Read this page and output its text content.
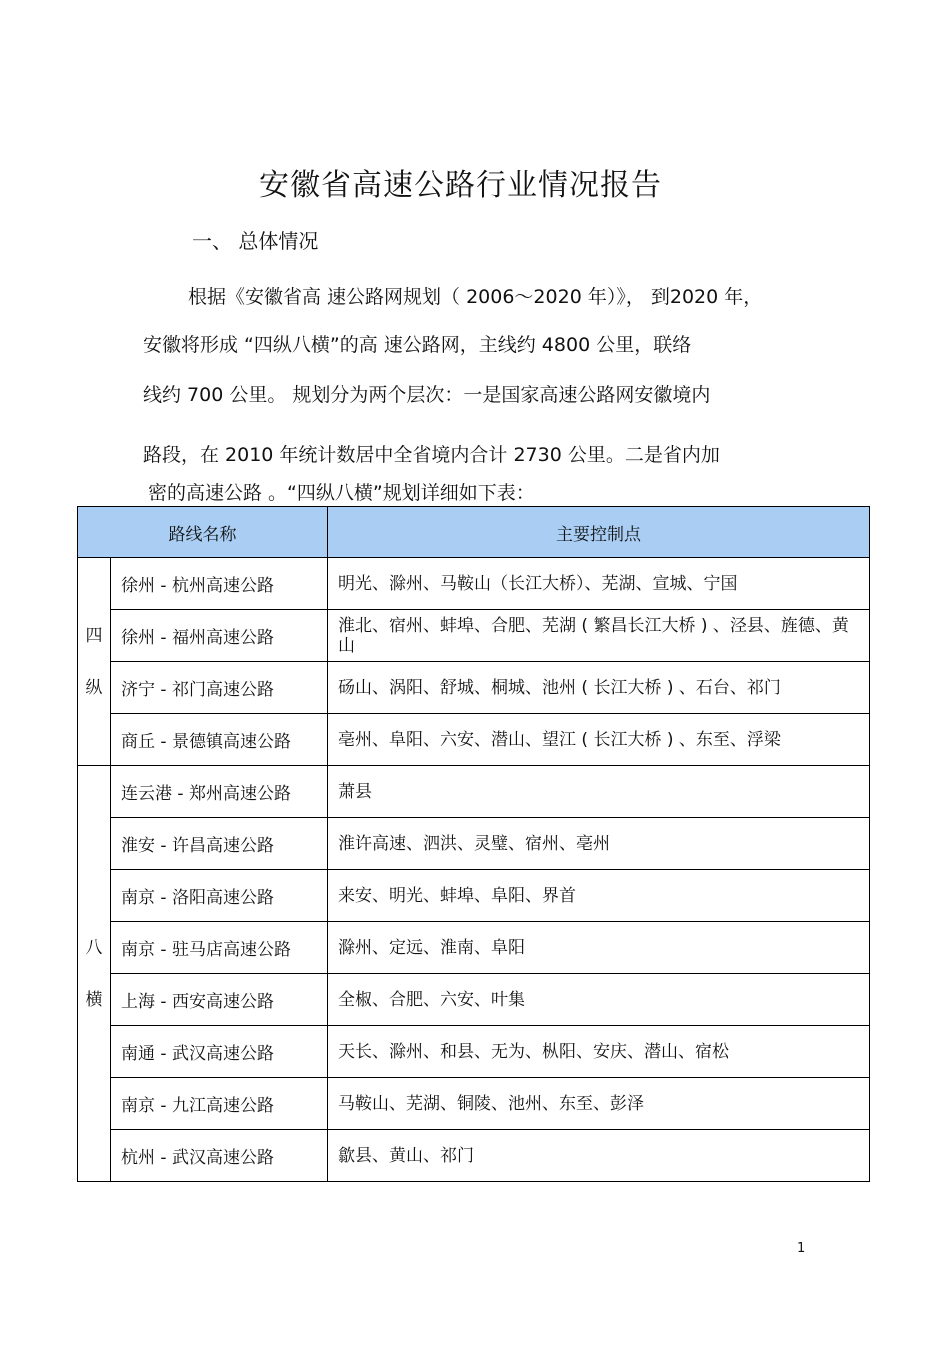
安徽省高速公路行业情况报告
一、 总体情况
根据《安徽省高 速公路网规划（ 2006～2020 年）》， 到2020 年，
安徽将形成 “四纵八横”的高 速公路网，主线约 4800 公里，联络
线约 700 公里。 规划分为两个层次：一是国家高速公路网安徽境内
路段，在 2010 年统计数居中全省境内合计 2730 公里。二是省内加
密的高速公路 。“四纵八横”规划详细如下表：
路线名称		主要控制点

四
纵	徐州 - 杭州高速公路	明光、滁州、马鞍山（长江大桥）、芜湖、宣城、宁国
	徐州 - 福州高速公路	淮北、宿州、蚌埠、合肥、芜湖 ( 繁昌长江大桥 ) 、泾县、旌德、黄山
	济宁 - 祁门高速公路	砀山、涡阳、舒城、桐城、池州 ( 长江大桥 ) 、石台、祁门
	商丘 - 景德镇高速公路	亳州、阜阳、六安、潜山、望江 ( 长江大桥 ) 、东至、浮梁

八
横	连云港 - 郑州高速公路	萧县
	淮安 - 许昌高速公路	淮许高速、泗洪、灵璧、宿州、亳州
	南京 - 洛阳高速公路	来安、明光、蚌埠、阜阳、界首
	南京 - 驻马店高速公路	滁州、定远、淮南、阜阳
	上海 - 西安高速公路	全椒、合肥、六安、叶集
	南通 - 武汉高速公路	天长、滁州、和县、无为、枞阳、安庆、潜山、宿松
	南京 - 九江高速公路	马鞍山、芜湖、铜陵、池州、东至、彭泽
	杭州 - 武汉高速公路	歙县、黄山、祁门
1
